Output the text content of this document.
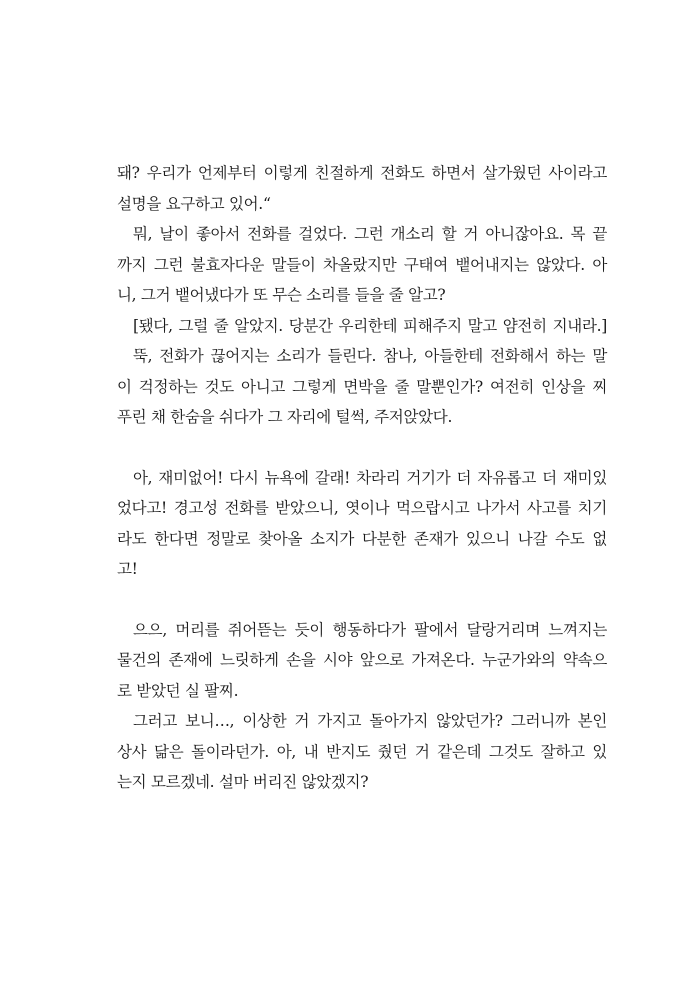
돼? 우리가 언제부터 이렇게 친절하게 전화도 하면서 살가웠던 사이라고
설명을 요구하고 있어.“
뭐, 날이 좋아서 전화를 걸었다. 그런 개소리 할 거 아니잖아요. 목 끝
까지 그런 불효자다운 말들이 차올랐지만 구태여 뱉어내지는 않았다. 아
니, 그거 뱉어냈다가 또 무슨 소리를 들을 줄 알고?
[됐다, 그럴 줄 알았지. 당분간 우리한테 피해주지 말고 얌전히 지내라.]
뚝, 전화가 끊어지는 소리가 들린다. 참나, 아들한테 전화해서 하는 말
이 걱정하는 것도 아니고 그렇게 면박을 줄 말뿐인가? 여전히 인상을 찌
푸린 채 한숨을 쉬다가 그 자리에 털썩, 주저앉았다.
아, 재미없어! 다시 뉴욕에 갈래! 차라리 거기가 더 자유롭고 더 재미있
었다고! 경고성 전화를 받았으니, 엿이나 먹으랍시고 나가서 사고를 치기
라도 한다면 정말로 찾아올 소지가 다분한 존재가 있으니 나갈 수도 없
고!
으으, 머리를 쥐어뜯는 듯이 행동하다가 팔에서 달랑거리며 느껴지는
물건의 존재에 느릿하게 손을 시야 앞으로 가져온다. 누군가와의 약속으
로 받았던 실 팔찌.
그러고 보니…, 이상한 거 가지고 돌아가지 않았던가? 그러니까 본인
상사 닮은 돌이라던가. 아, 내 반지도 줬던 거 같은데 그것도 잘하고 있
는지 모르겠네. 설마 버리진 않았겠지?
